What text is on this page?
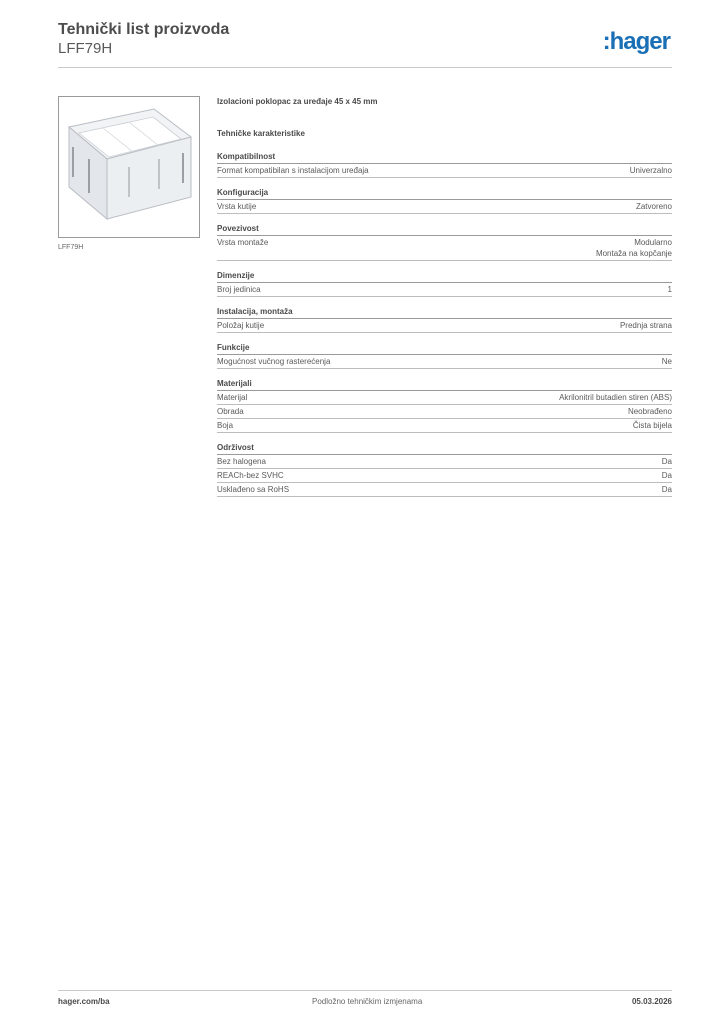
Tehnički list proizvoda
LFF79H	:hager
LFF79H
Izolacioni poklopac za uređaje 45 x 45 mm
Tehničke karakteristike
Kompatibilnost
Format kompatibilan s instalacijom uređaja	Univerzalno
Konfiguracija
Vrsta kutije	Zatvoreno
Povezivost
Vrsta montaže	Modularno
Montaža na kopčanje
Dimenzije
Broj jedinica	1
Instalacija, montaža
Položaj kutije	Prednja strana
Funkcije
Mogućnost vučnog rasterećenja	Ne
Materijali
Materijal	Akrilonitril butadien stiren (ABS)
Obrada	Neobrađeno
Boja	Čista bijela
Održivost
Bez halogena	Da
REACh-bez SVHC	Da
Usklađeno sa RoHS	Da
hager.com/ba	Podložno tehničkim izmjenama	05.03.2026
